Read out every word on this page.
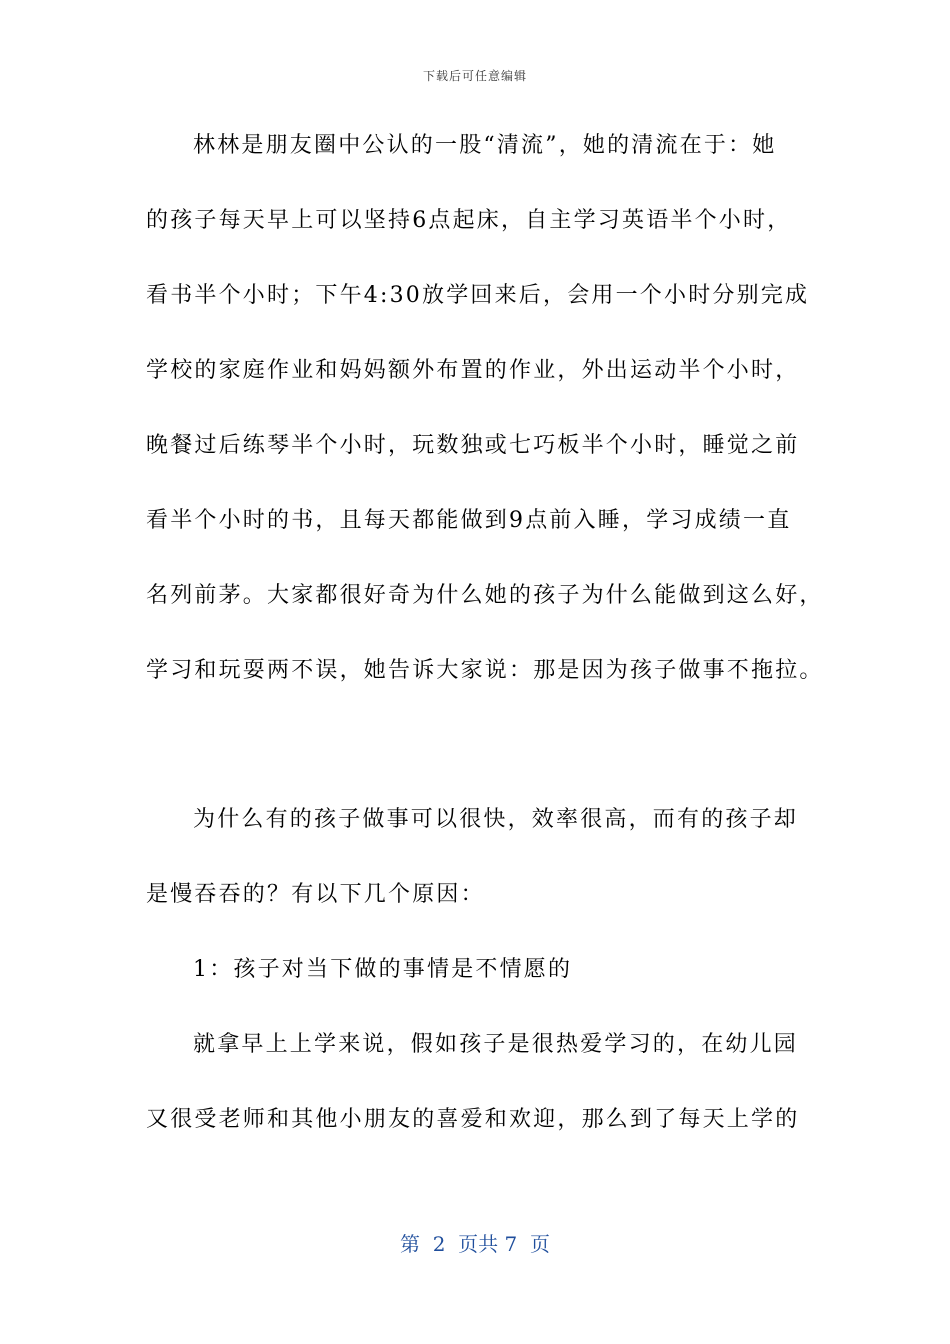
下载后可任意编辑
林林是朋友圈中公认的一股“清流”，她的清流在于：她
的孩子每天早上可以坚持6点起床，自主学习英语半个小时，
看书半个小时；下午4:30放学回来后，会用一个小时分别完成
学校的家庭作业和妈妈额外布置的作业，外出运动半个小时，
晚餐过后练琴半个小时，玩数独或七巧板半个小时，睡觉之前
看半个小时的书，且每天都能做到9点前入睡，学习成绩一直
名列前茅。大家都很好奇为什么她的孩子为什么能做到这么好，
学习和玩耍两不误，她告诉大家说：那是因为孩子做事不拖拉。
为什么有的孩子做事可以很快，效率很高，而有的孩子却
是慢吞吞的？有以下几个原因：
1：孩子对当下做的事情是不情愿的
就拿早上上学来说，假如孩子是很热爱学习的，在幼儿园
又很受老师和其他小朋友的喜爱和欢迎，那么到了每天上学的
第  2  页共 7  页
